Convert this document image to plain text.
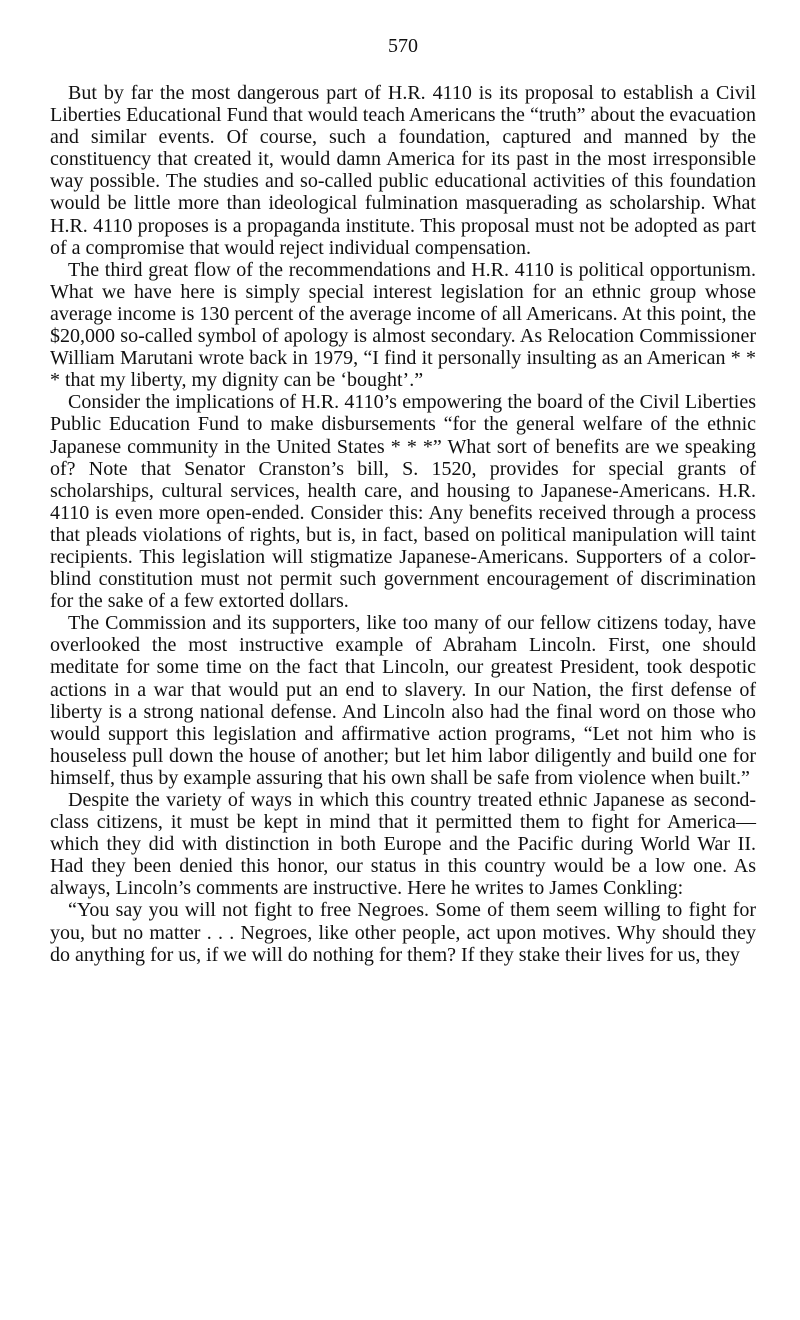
570

But by far the most dangerous part of H.R. 4110 is its proposal to establish a Civil Liberties Educational Fund that would teach Americans the “truth” about the evacuation and similar events. Of course, such a foundation, captured and manned by the constituency that created it, would damn America for its past in the most irresponsible way possible. The studies and so-called public educational activities of this foundation would be little more than ideological fulmination masquerading as scholarship. What H.R. 4110 proposes is a propaganda institute. This proposal must not be adopted as part of a compromise that would reject individual compensation.

The third great flow of the recommendations and H.R. 4110 is political opportunism. What we have here is simply special interest legislation for an ethnic group whose average income is 130 percent of the average income of all Americans. At this point, the $20,000 so-called symbol of apology is almost secondary. As Relocation Commissioner William Marutani wrote back in 1979, “I find it personally insulting as an American * * * that my liberty, my dignity can be ‘bought’.”

Consider the implications of H.R. 4110’s empowering the board of the Civil Liberties Public Education Fund to make disbursements “for the general welfare of the ethnic Japanese community in the United States * * *” What sort of benefits are we speaking of? Note that Senator Cranston’s bill, S. 1520, provides for special grants of scholarships, cultural services, health care, and housing to Japanese-Americans. H.R. 4110 is even more open-ended. Consider this: Any benefits received through a process that pleads violations of rights, but is, in fact, based on political manipulation will taint recipients. This legislation will stigmatize Japanese-Americans. Supporters of a color-blind constitution must not permit such government encouragement of discrimination for the sake of a few extorted dollars.

The Commission and its supporters, like too many of our fellow citizens today, have overlooked the most instructive example of Abraham Lincoln. First, one should meditate for some time on the fact that Lincoln, our greatest President, took despotic actions in a war that would put an end to slavery. In our Nation, the first defense of liberty is a strong national defense. And Lincoln also had the final word on those who would support this legislation and affirmative action programs, “Let not him who is houseless pull down the house of another; but let him labor diligently and build one for himself, thus by example assuring that his own shall be safe from violence when built.”

Despite the variety of ways in which this country treated ethnic Japanese as second-class citizens, it must be kept in mind that it permitted them to fight for America—which they did with distinction in both Europe and the Pacific during World War II. Had they been denied this honor, our status in this country would be a low one. As always, Lincoln’s comments are instructive. Here he writes to James Conkling:

“You say you will not fight to free Negroes. Some of them seem willing to fight for you, but no matter . . . Negroes, like other people, act upon motives. Why should they do anything for us, if we will do nothing for them? If they stake their lives for us, they
